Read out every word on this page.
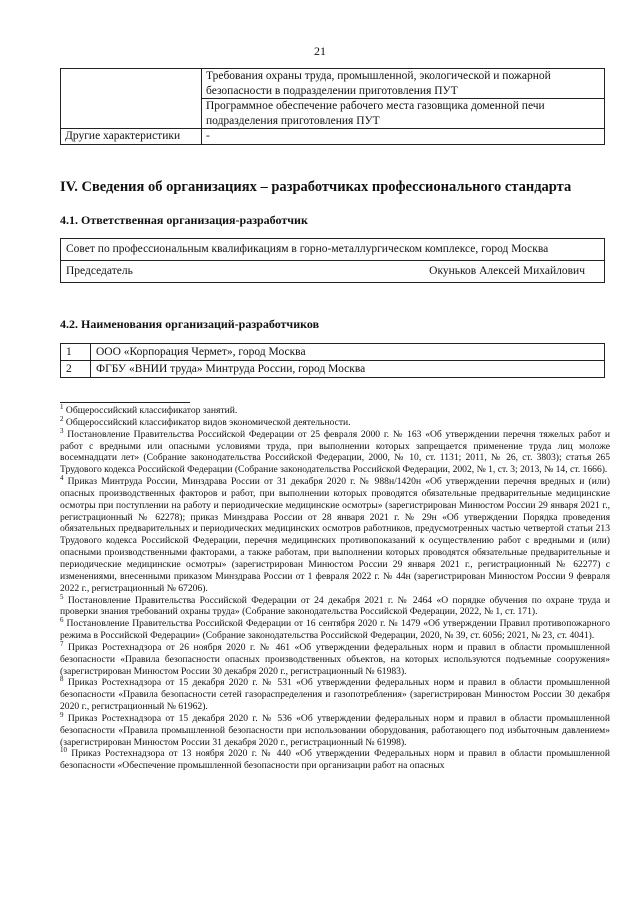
21
	Требования охраны труда, промышленной, экологической и пожарной безопасности в подразделении приготовления ПУТ
	Программное обеспечение рабочего места газовщика доменной печи подразделения приготовления ПУТ
Другие характеристики	-
IV. Сведения об организациях – разработчиках профессионального стандарта
4.1. Ответственная организация-разработчик
Совет по профессиональным квалификациям в горно-металлургическом комплексе, город Москва

Председатель	Окуньков Алексей Михайлович
4.2. Наименования организаций-разработчиков
1	ООО «Корпорация Чермет», город Москва
2	ФГБУ «ВНИИ труда» Минтруда России, город Москва

$^1$ Общероссийский классификатор занятий.

$^2$ Общероссийский классификатор видов экономической деятельности.

$^3$ Постановление Правительства Российской Федерации от 25 февраля 2000 г. № 163 «Об утверждении перечня тяжелых работ и работ с вредными или опасными условиями труда, при выполнении которых запрещается применение труда лиц моложе восемнадцати лет» (Собрание законодательства Российской Федерации, 2000, № 10, ст. 1131; 2011, № 26, ст. 3803); статья 265 Трудового кодекса Российской Федерации (Собрание законодательства Российской Федерации, 2002, № 1, ст. 3; 2013, № 14, ст. 1666).

$^4$ Приказ Минтруда России, Минздрава России от 31 декабря 2020 г. № 988н/1420н «Об утверждении перечня вредных и (или) опасных производственных факторов и работ, при выполнении которых проводятся обязательные предварительные медицинские осмотры при поступлении на работу и периодические медицинские осмотры» (зарегистрирован Минюстом России 29 января 2021 г., регистрационный № 62278); приказ Минздрава России от 28 января 2021 г. № 29н «Об утверждении Порядка проведения обязательных предварительных и периодических медицинских осмотров работников, предусмотренных частью четвертой статьи 213 Трудового кодекса Российской Федерации, перечня медицинских противопоказаний к осуществлению работ с вредными и (или) опасными производственными факторами, а также работам, при выполнении которых проводятся обязательные предварительные и периодические медицинские осмотры» (зарегистрирован Минюстом России 29 января 2021 г., регистрационный № 62277) с изменениями, внесенными приказом Минздрава России от 1 февраля 2022 г. № 44н (зарегистрирован Минюстом России 9 февраля 2022 г., регистрационный № 67206).

$^5$ Постановление Правительства Российской Федерации от 24 декабря 2021 г. № 2464 «О порядке обучения по охране труда и проверки знания требований охраны труда» (Собрание законодательства Российской Федерации, 2022, № 1, ст. 171).

$^6$ Постановление Правительства Российской Федерации от 16 сентября 2020 г. № 1479 «Об утверждении Правил противопожарного режима в Российской Федерации» (Собрание законодательства Российской Федерации, 2020, № 39, ст. 6056; 2021, № 23, ст. 4041).

$^7$ Приказ Ростехнадзора от 26 ноября 2020 г. № 461 «Об утверждении федеральных норм и правил в области промышленной безопасности «Правила безопасности опасных производственных объектов, на которых используются подъемные сооружения» (зарегистрирован Минюстом России 30 декабря 2020 г., регистрационный № 61983).

$^8$ Приказ Ростехнадзора от 15 декабря 2020 г. № 531 «Об утверждении федеральных норм и правил в области промышленной безопасности «Правила безопасности сетей газораспределения и газопотребления» (зарегистрирован Минюстом России 30 декабря 2020 г., регистрационный № 61962).

$^9$ Приказ Ростехнадзора от 15 декабря 2020 г. № 536 «Об утверждении федеральных норм и правил в области промышленной безопасности «Правила промышленной безопасности при использовании оборудования, работающего под избыточным давлением» (зарегистрирован Минюстом России 31 декабря 2020 г., регистрационный № 61998).

$^{10}$ Приказ Ростехнадзора от 13 ноября 2020 г. № 440 «Об утверждении Федеральных норм и правил в области промышленной безопасности «Обеспечение промышленной безопасности при организации работ на опасных
